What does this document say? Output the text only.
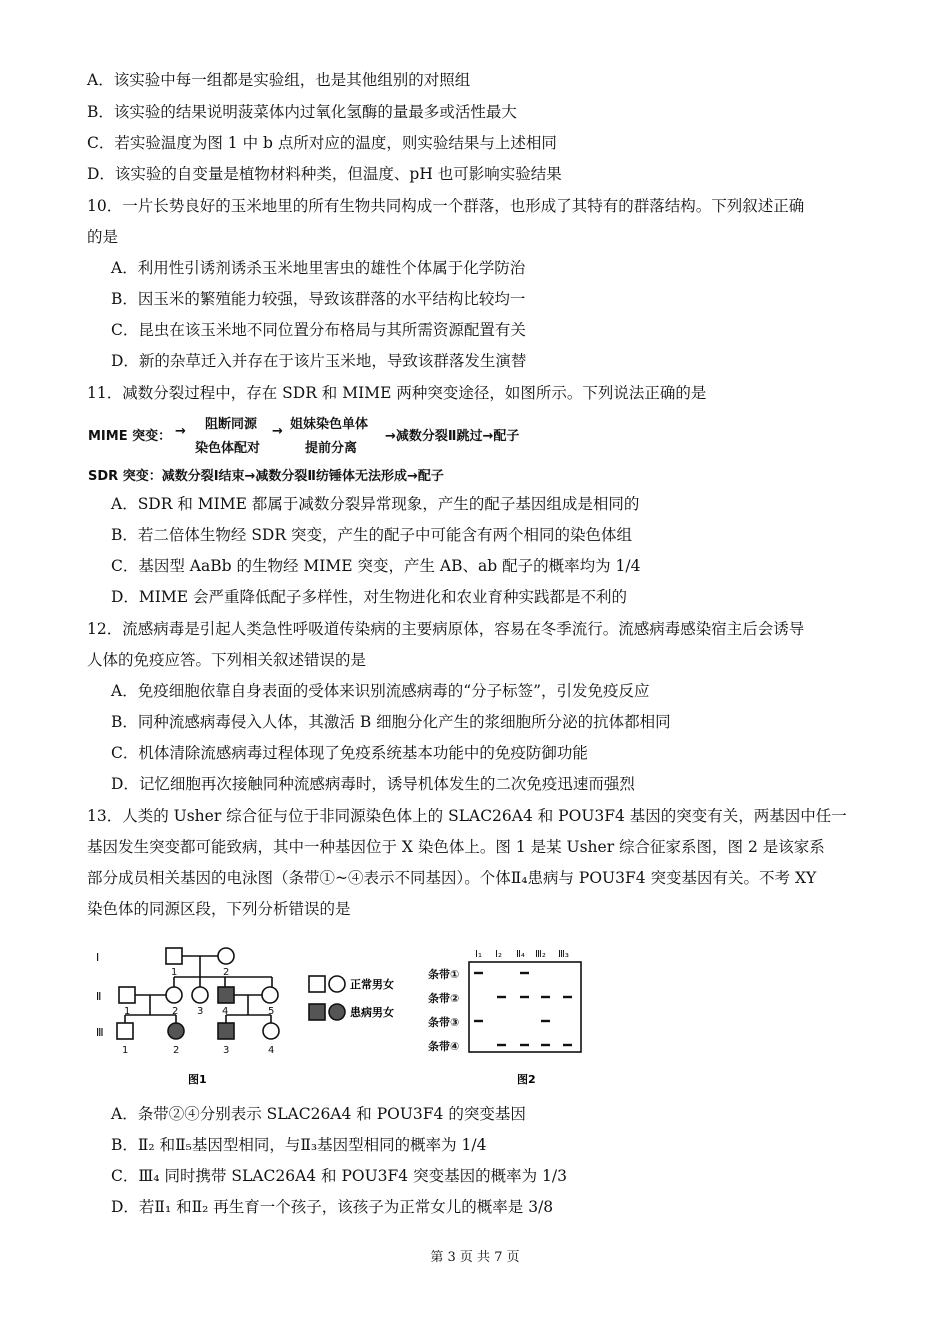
A．该实验中每一组都是实验组，也是其他组别的对照组
B．该实验的结果说明菠菜体内过氧化氢酶的量最多或活性最大
C．若实验温度为图 1 中 b 点所对应的温度，则实验结果与上述相同
D．该实验的自变量是植物材料种类，但温度、pH 也可影响实验结果
10．一片长势良好的玉米地里的所有生物共同构成一个群落，也形成了其特有的群落结构。下列叙述正确
的是
A．利用性引诱剂诱杀玉米地里害虫的雄性个体属于化学防治
B．因玉米的繁殖能力较强，导致该群落的水平结构比较均一
C．昆虫在该玉米地不同位置分布格局与其所需资源配置有关
D．新的杂草迁入并存在于该片玉米地，导致该群落发生演替
11．减数分裂过程中，存在 SDR 和 MIME 两种突变途径，如图所示。下列说法正确的是
MIME 突变： → 阻断同源
染色体配对
→ 姐妹染色单体
提前分离
→减数分裂Ⅱ跳过→配子
SDR 突变：减数分裂Ⅰ结束→减数分裂Ⅱ纺锤体无法形成→配子
A．SDR 和 MIME 都属于减数分裂异常现象，产生的配子基因组成是相同的
B．若二倍体生物经 SDR 突变，产生的配子中可能含有两个相同的染色体组
C．基因型 AaBb 的生物经 MIME 突变，产生 AB、ab 配子的概率均为 1/4
D．MIME 会严重降低配子多样性，对生物进化和农业育种实践都是不利的
12．流感病毒是引起人类急性呼吸道传染病的主要病原体，容易在冬季流行。流感病毒感染宿主后会诱导
人体的免疫应答。下列相关叙述错误的是
A．免疫细胞依靠自身表面的受体来识别流感病毒的“分子标签”，引发免疫反应
B．同种流感病毒侵入人体，其激活 B 细胞分化产生的浆细胞所分泌的抗体都相同
C．机体清除流感病毒过程体现了免疫系统基本功能中的免疫防御功能
D．记忆细胞再次接触同种流感病毒时，诱导机体发生的二次免疫迅速而强烈
13．人类的 Usher 综合征与位于非同源染色体上的 SLAC26A4 和 POU3F4 基因的突变有关，两基因中任一
基因发生突变都可能致病，其中一种基因位于 X 染色体上。图 1 是某 Usher 综合征家系图，图 2 是该家系
部分成员相关基因的电泳图（条带①~④表示不同基因）。个体Ⅱ₄患病与 POU3F4 突变基因有关。不考 XY
染色体的同源区段，下列分析错误的是
Ⅰ
Ⅱ
Ⅲ
1	2
1	2 3 4	5
1	2	3	4
正常男女
患病男女
图1
Ⅰ₁ Ⅰ₂ Ⅱ₄ Ⅲ₂ Ⅲ₃
条带①
条带②
条带③
条带④
图2
A．条带②④分别表示 SLAC26A4 和 POU3F4 的突变基因
B．Ⅱ₂ 和Ⅱ₅基因型相同，与Ⅱ₃基因型相同的概率为 1/4
C．Ⅲ₄ 同时携带 SLAC26A4 和 POU3F4 突变基因的概率为 1/3
D．若Ⅱ₁ 和Ⅱ₂ 再生育一个孩子，该孩子为正常女儿的概率是 3/8
第 3 页 共 7 页
